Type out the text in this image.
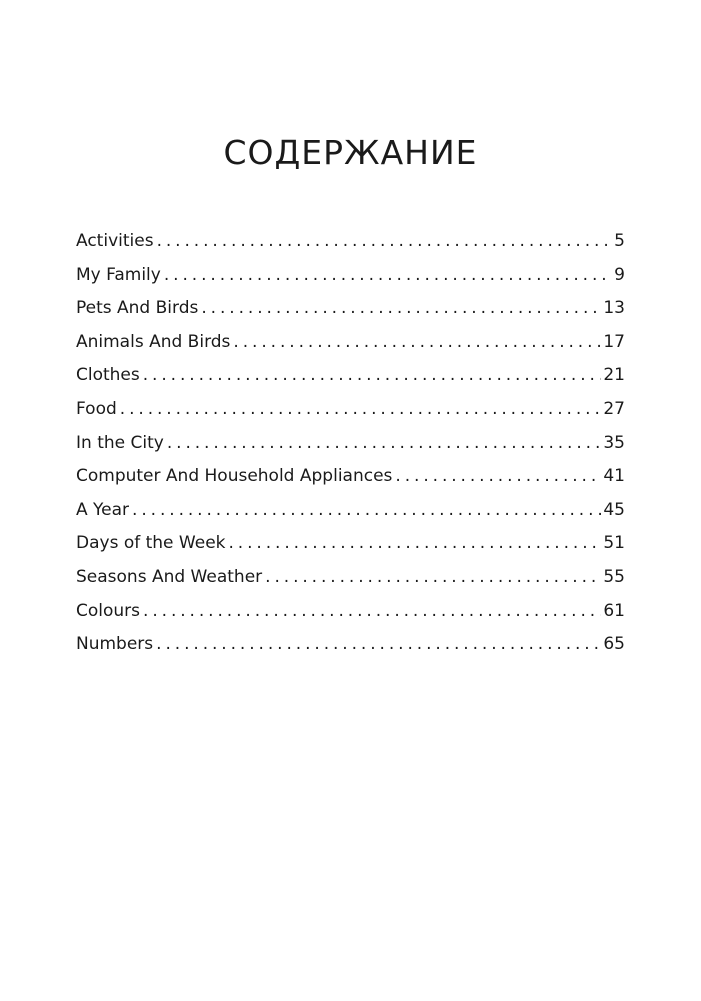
СОДЕРЖАНИЕ
Activities . . .	5
My Family . . .	9
Pets And Birds . . .	13
Animals And Birds . . .	17
Clothes . . .	21
Food . . .	27
In the City . . .	35
Computer And Household Appliances . . .	41
A Year . . .	45
Days of the Week . . .	51
Seasons And Weather . . .	55
Colours . . .	61
Numbers . . .	65
